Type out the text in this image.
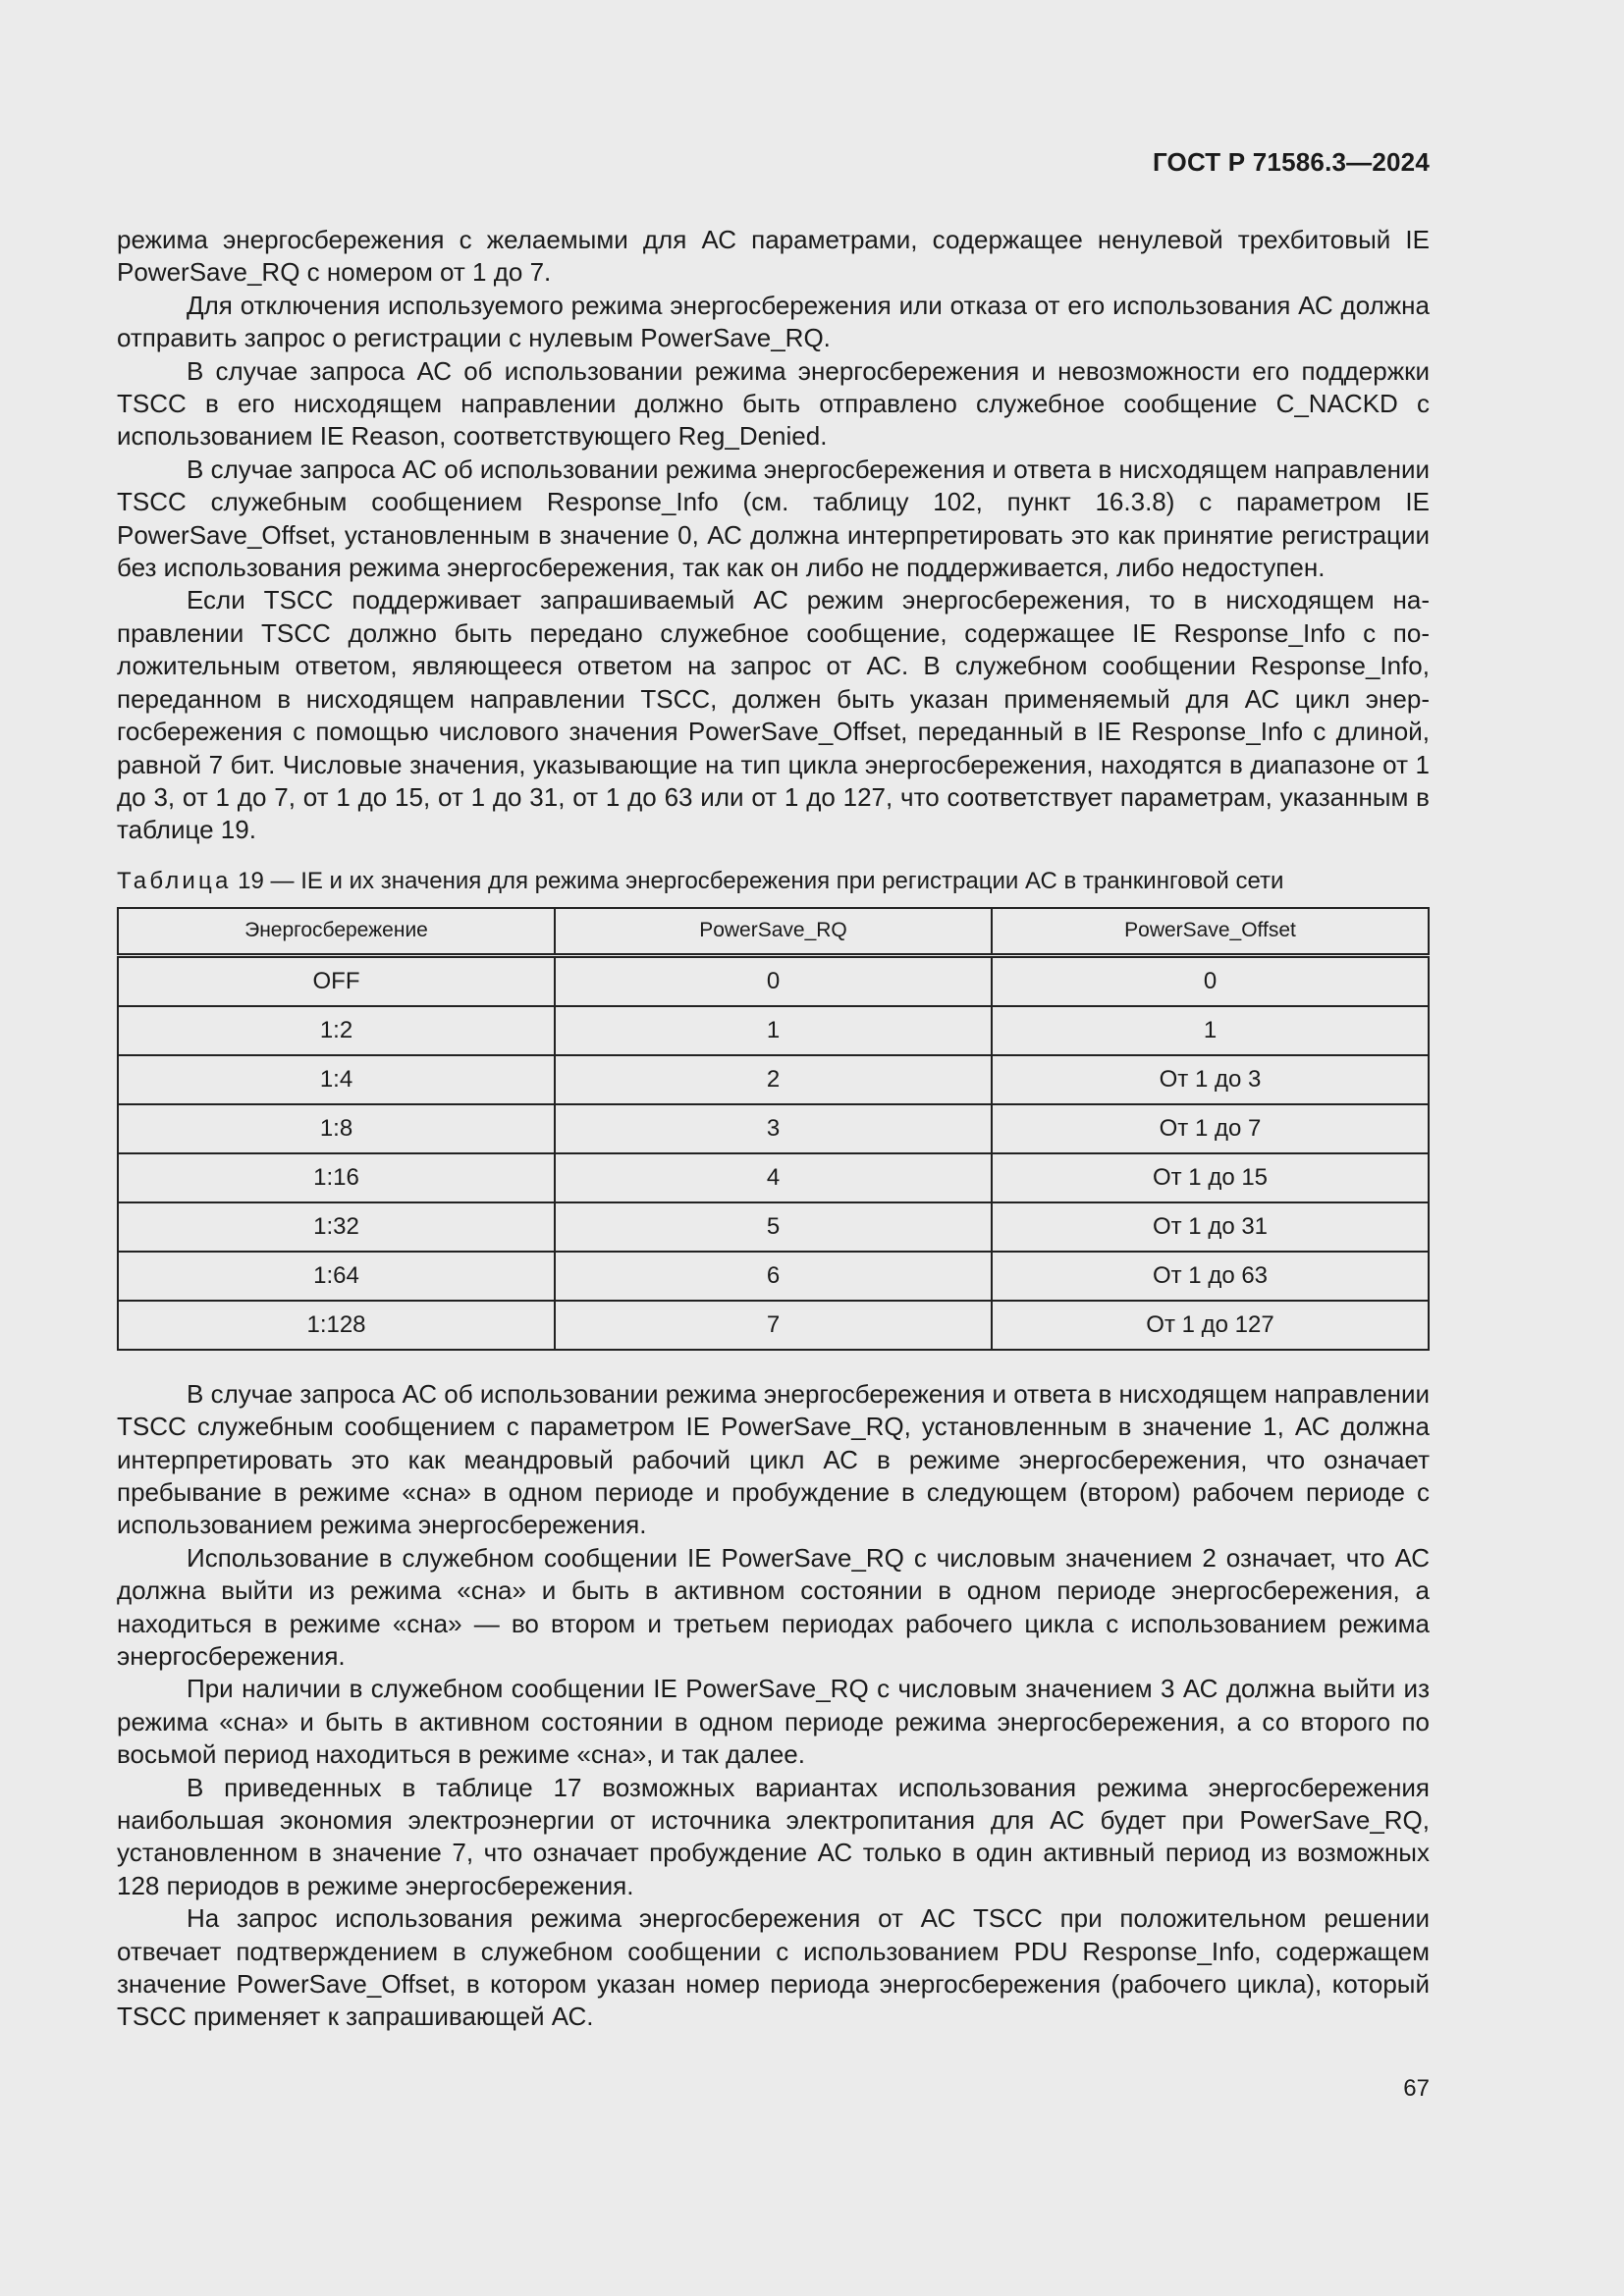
ГОСТ Р 71586.3—2024

режима энергосбережения с желаемыми для АС параметрами, содержащее ненулевой трехбитовый IE PowerSave_RQ с номером от 1 до 7.

Для отключения используемого режима энергосбережения или отказа от его использования АС должна отправить запрос о регистрации с нулевым PowerSave_RQ.

В случае запроса АС об использовании режима энергосбережения и невозможности его поддержки TSCC в его нисходящем направлении должно быть отправлено служебное сообщение C_NACKD с использованием IE Reason, соответствующего Reg_Denied.

В случае запроса АС об использовании режима энергосбережения и ответа в нисходящем направлении TSCC служебным сообщением Response_Info (см. таблицу 102, пункт 16.3.8) с параметром IE PowerSave_Offset, установленным в значение 0, АС должна интерпретировать это как принятие регистрации без использования режима энергосбережения, так как он либо не поддерживается, либо недоступен.

Если TSCC поддерживает запрашиваемый АС режим энергосбережения, то в нисходящем направлении TSCC должно быть передано служебное сообщение, содержащее IE Response_Info с положительным ответом, являющееся ответом на запрос от АС. В служебном сообщении Response_Info, переданном в нисходящем направлении TSCC, должен быть указан применяемый для АС цикл энергосбережения с помощью числового значения PowerSave_Offset, переданный в IE Response_Info с длиной, равной 7 бит. Числовые значения, указывающие на тип цикла энергосбережения, находятся в диапазоне от 1 до 3, от 1 до 7, от 1 до 15, от 1 до 31, от 1 до 63 или от 1 до 127, что соответствует параметрам, указанным в таблице 19.

Таблица 19 — IE и их значения для режима энергосбережения при регистрации АС в транкинговой сети
Энергосбережение	PowerSave_RQ	PowerSave_Offset
OFF	0	0
1:2	1	1
1:4	2	От 1 до 3
1:8	3	От 1 до 7
1:16	4	От 1 до 15
1:32	5	От 1 до 31
1:64	6	От 1 до 63
1:128	7	От 1 до 127

В случае запроса АС об использовании режима энергосбережения и ответа в нисходящем направлении TSCC служебным сообщением с параметром IE PowerSave_RQ, установленным в значение 1, АС должна интерпретировать это как меандровый рабочий цикл АС в режиме энергосбережения, что означает пребывание в режиме «сна» в одном периоде и пробуждение в следующем (втором) рабочем периоде с использованием режима энергосбережения.

Использование в служебном сообщении IE PowerSave_RQ с числовым значением 2 означает, что АС должна выйти из режима «сна» и быть в активном состоянии в одном периоде энергосбережения, а находиться в режиме «сна» — во втором и третьем периодах рабочего цикла с использованием режима энергосбережения.

При наличии в служебном сообщении IE PowerSave_RQ с числовым значением 3 АС должна выйти из режима «сна» и быть в активном состоянии в одном периоде режима энергосбережения, а со второго по восьмой период находиться в режиме «сна», и так далее.

В приведенных в таблице 17 возможных вариантах использования режима энергосбережения наибольшая экономия электроэнергии от источника электропитания для АС будет при PowerSave_RQ, установленном в значение 7, что означает пробуждение АС только в один активный период из возможных 128 периодов в режиме энергосбережения.

На запрос использования режима энергосбережения от АС TSCC при положительном решении отвечает подтверждением в служебном сообщении с использованием PDU Response_Info, содержащем значение PowerSave_Offset, в котором указан номер периода энергосбережения (рабочего цикла), который TSCC применяет к запрашивающей АС.

67
